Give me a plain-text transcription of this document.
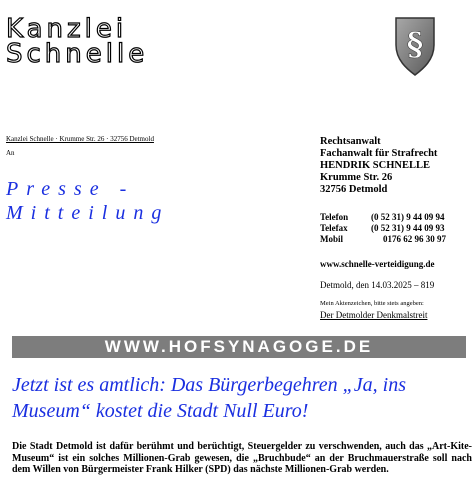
Kanzlei
Schnelle	§
Kanzlei Schnelle · Krumme Str. 26 · 32756 Detmold
An
Presse -
Mitteilung
Rechtsanwalt
Fachanwalt für Strafrecht
HENDRIK SCHNELLE
Krumme Str. 26
32756 Detmold
Telefon	(0 52 31) 9 44 09 94
Telefax	(0 52 31) 9 44 09 93
Mobil	0176 62 96 30 97
www.schnelle-verteidigung.de
Detmold, den 14.03.2025 – 819
Mein Aktenzeichen, bitte stets angeben:
Der Detmolder Denkmalstreit
WWW.HOFSYNAGOGE.DE
Jetzt ist es amtlich: Das Bürgerbegehren „Ja, ins Museum“ kostet die Stadt Null Euro!
Die Stadt Detmold ist dafür berühmt und berüchtigt, Steuergelder zu verschwenden, auch das „Art-Kite-Museum“ ist ein solches Millionen-Grab gewesen, die „Bruchbude“ an der Bruchmauerstraße soll nach dem Willen von Bürgermeister Frank Hilker (SPD) das nächste Millionen-Grab werden.
